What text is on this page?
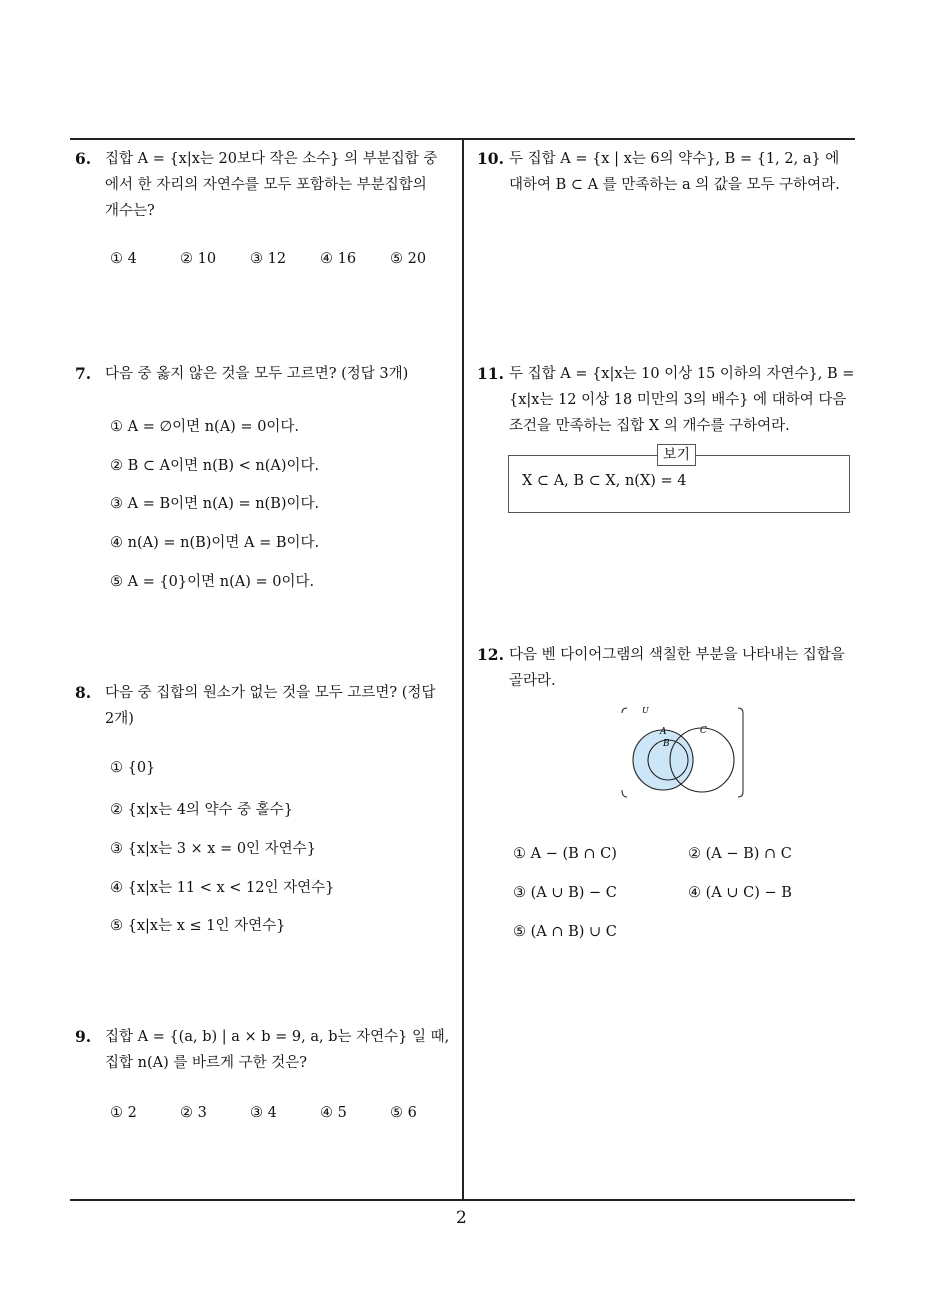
6. 집합 A = {x|x는 20보다 작은 소수} 의 부분집합 중
에서 한 자리의 자연수를 모두 포함하는 부분집합의
개수는?
① 4	② 10 ③ 12 ④ 16 ⑤ 20
7. 다음 중 옳지 않은 것을 모두 고르면? (정답 3개)
① A = ∅이면 n(A) = 0이다.
② B ⊂ A이면 n(B) < n(A)이다.
③ A = B이면 n(A) = n(B)이다.
④ n(A) = n(B)이면 A = B이다.
⑤ A = {0}이면 n(A) = 0이다.
8. 다음 중 집합의 원소가 없는 것을 모두 고르면? (정답
2개)
① {0}
② {x|x는 4의 약수 중 홀수}
③ {x|x는 3 × x = 0인 자연수}
④ {x|x는 11 < x < 12인 자연수}
⑤ {x|x는 x ≤ 1인 자연수}
9. 집합 A = {(a, b) | a × b = 9, a, b는 자연수} 일 때,
집합 n(A) 를 바르게 구한 것은?
① 2	② 3	③ 4	④ 5	⑤ 6
10. 두 집합 A = {x | x는 6의 약수}, B = {1, 2, a} 에
대하여 B ⊂ A 를 만족하는 a 의 값을 모두 구하여라.
11. 두 집합 A = {x|x는 10 이상 15 이하의 자연수}, B =
{x|x는 12 이상 18 미만의 3의 배수} 에 대하여 다음
조건을 만족하는 집합 X 의 개수를 구하여라.
보기
X ⊂ A, B ⊂ X, n(X) = 4
12. 다음 벤 다이어그램의 색칠한 부분을 나타내는 집합을
골라라.
U
A
B
C
① A − (B ∩ C)	② (A − B) ∩ C
③ (A ∪ B) − C	④ (A ∪ C) − B
⑤ (A ∩ B) ∪ C
2
